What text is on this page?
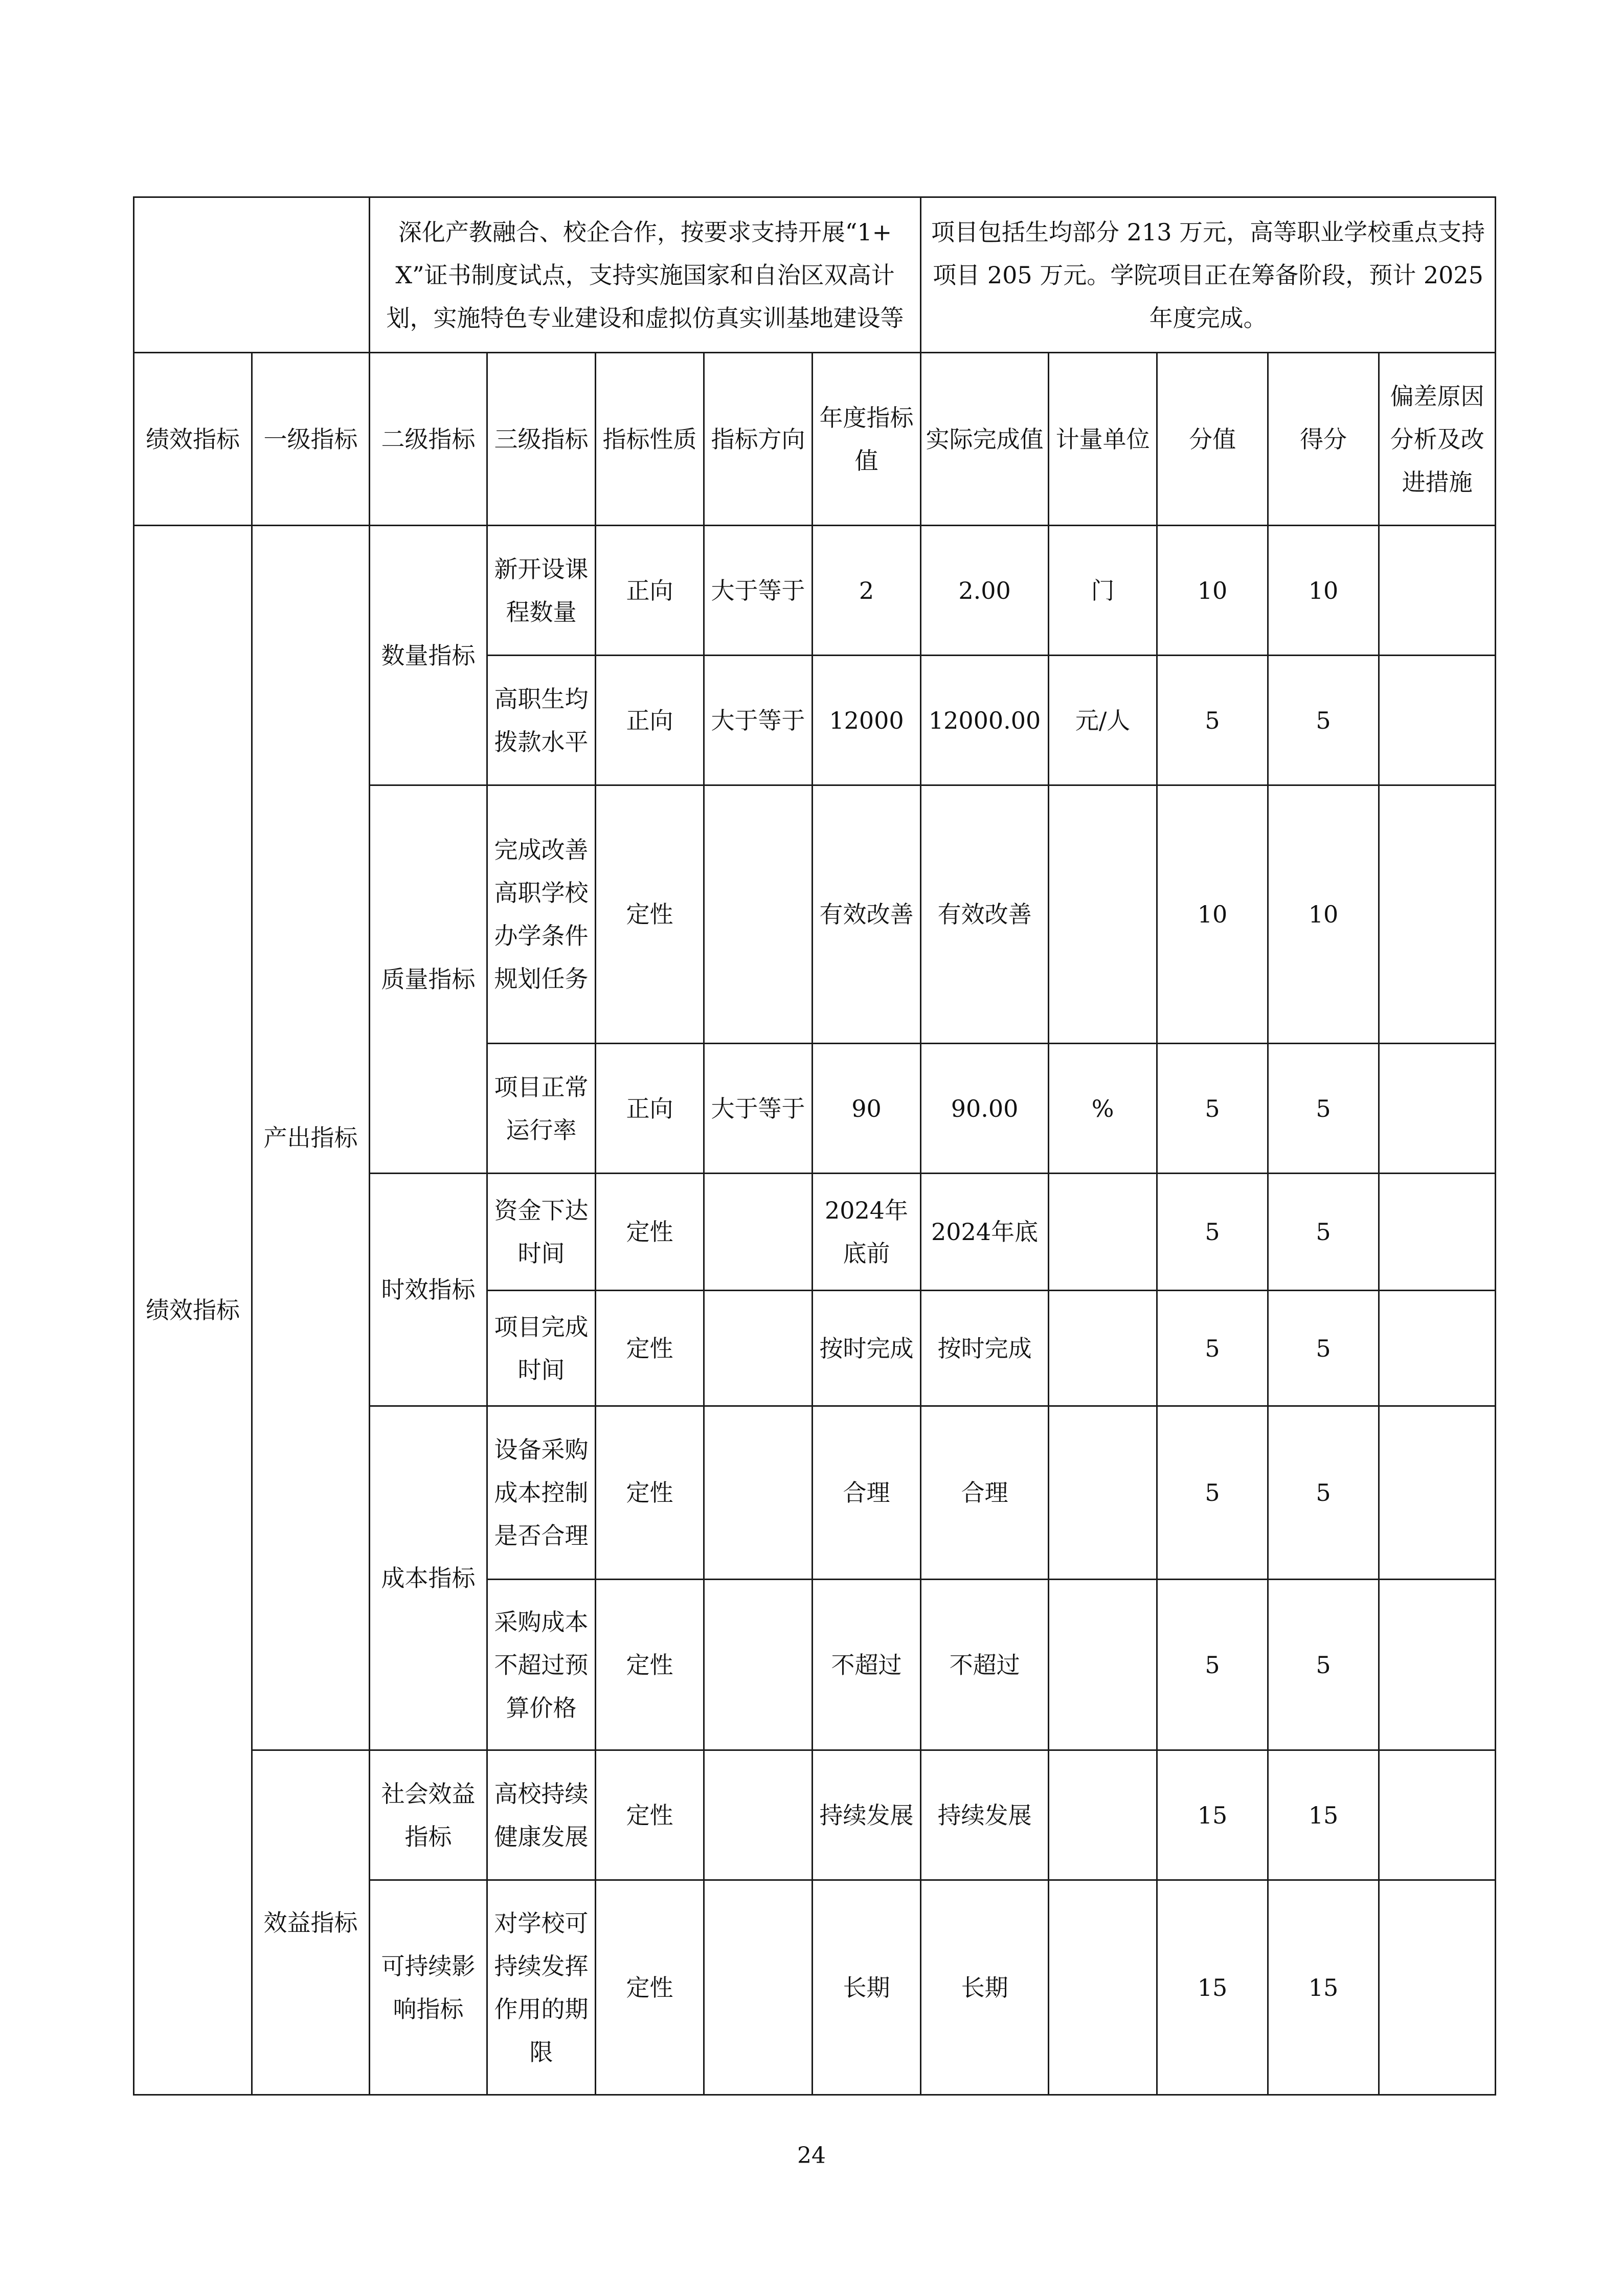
		深化产教融合、校企合作，按要求支持开展“1+X”证书制度试点，支持实施国家和自治区双高计划，实施特色专业建设和虚拟仿真实训基地建设等					项目包括生均部分 213 万元，高等职业学校重点支持项目 205 万元。学院项目正在筹备阶段，预计 2025 年度完成。				
绩效指标	一级指标	二级指标	三级指标	指标性质	指标方向	年度指标值	实际完成值	计量单位	分值	得分	偏差原因分析及改进措施
绩效指标	产出指标	数量指标	新开设课程数量	正向	大于等于	2	2.00	门	10	10	
			高职生均拨款水平	正向	大于等于	12000	12000.00	元/人	5	5	
		质量指标	完成改善高职学校办学条件规划任务	定性		有效改善	有效改善		10	10	
			项目正常运行率	正向	大于等于	90	90.00	%	5	5	
		时效指标	资金下达时间	定性		2024年底前	2024年底		5	5	
			项目完成时间	定性		按时完成	按时完成		5	5	
		成本指标	设备采购成本控制是否合理	定性		合理	合理		5	5	
			采购成本不超过预算价格	定性		不超过	不超过		5	5	
	效益指标	社会效益指标	高校持续健康发展	定性		持续发展	持续发展		15	15	
		可持续影响指标	对学校可持续发挥作用的期限	定性		长期	长期		15	15	
24
